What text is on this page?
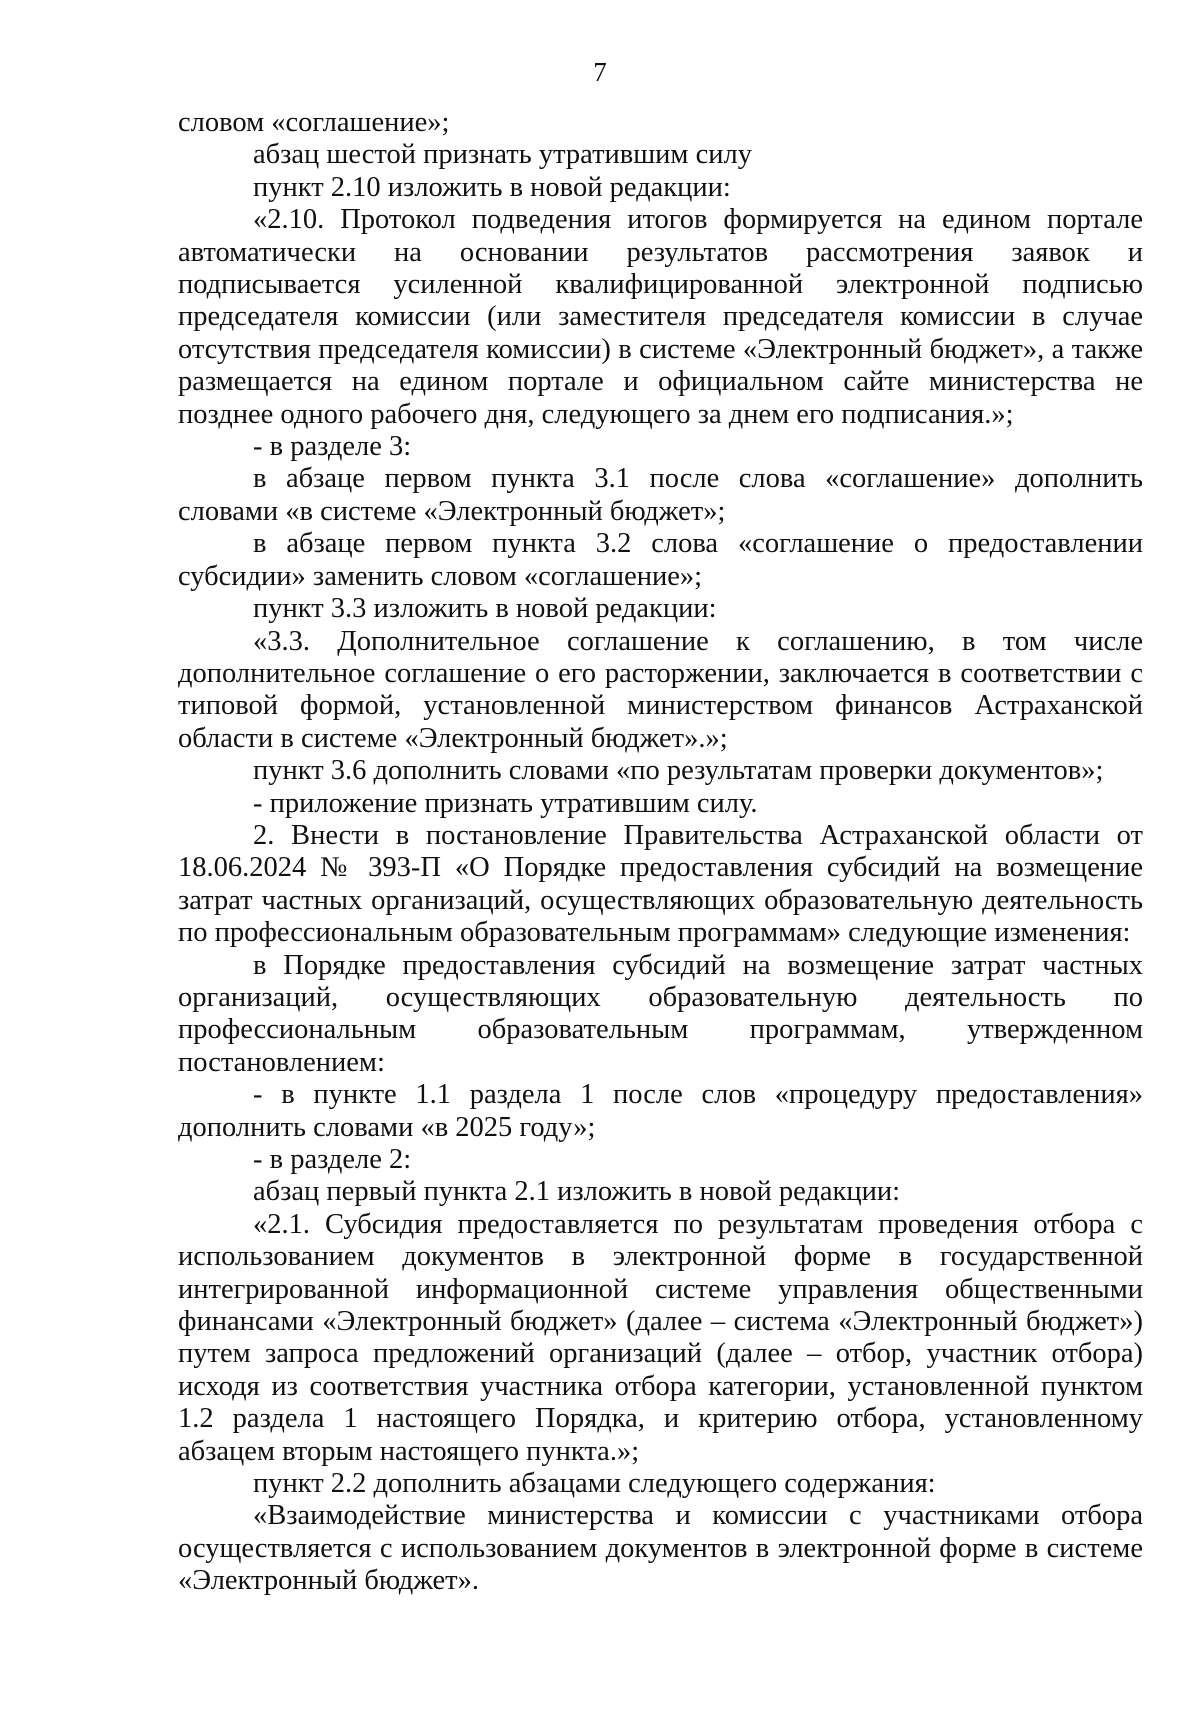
7

словом «соглашение»;

абзац шестой признать утратившим силу

пункт 2.10 изложить в новой редакции:

«2.10. Протокол подведения итогов формируется на едином портале автоматически на основании результатов рассмотрения заявок и подписывается усиленной квалифицированной электронной подписью председателя комиссии (или заместителя председателя комиссии в случае отсутствия председателя комиссии) в системе «Электронный бюджет», а также размещается на едином портале и официальном сайте министерства не позднее одного рабочего дня, следующего за днем его подписания.»;

- в разделе 3:

в абзаце первом пункта 3.1 после слова «соглашение» дополнить словами «в системе «Электронный бюджет»;

в абзаце первом пункта 3.2 слова «соглашение о предоставлении субсидии» заменить словом «соглашение»;

пункт 3.3 изложить в новой редакции:

«3.3. Дополнительное соглашение к соглашению, в том числе дополнительное соглашение о его расторжении, заключается в соответствии с типовой формой, установленной министерством финансов Астраханской области в системе «Электронный бюджет».»;

пункт 3.6 дополнить словами «по результатам проверки документов»;

- приложение признать утратившим силу.

2. Внести в постановление Правительства Астраханской области от 18.06.2024 № 393-П «О Порядке предоставления субсидий на возмещение затрат частных организаций, осуществляющих образовательную деятельность по профессиональным образовательным программам» следующие изменения:

в Порядке предоставления субсидий на возмещение затрат частных организаций, осуществляющих образовательную деятельность по профессиональным образовательным программам, утвержденном постановлением:

- в пункте 1.1 раздела 1 после слов «процедуру предоставления» дополнить словами «в 2025 году»;

- в разделе 2:

абзац первый пункта 2.1 изложить в новой редакции:

«2.1. Субсидия предоставляется по результатам проведения отбора с использованием документов в электронной форме в государственной интегрированной информационной системе управления общественными финансами «Электронный бюджет» (далее – система «Электронный бюджет») путем запроса предложений организаций (далее – отбор, участник отбора) исходя из соответствия участника отбора категории, установленной пунктом 1.2 раздела 1 настоящего Порядка, и критерию отбора, установленному абзацем вторым настоящего пункта.»;

пункт 2.2 дополнить абзацами следующего содержания:

«Взаимодействие министерства и комиссии с участниками отбора осуществляется с использованием документов в электронной форме в системе «Электронный бюджет».
